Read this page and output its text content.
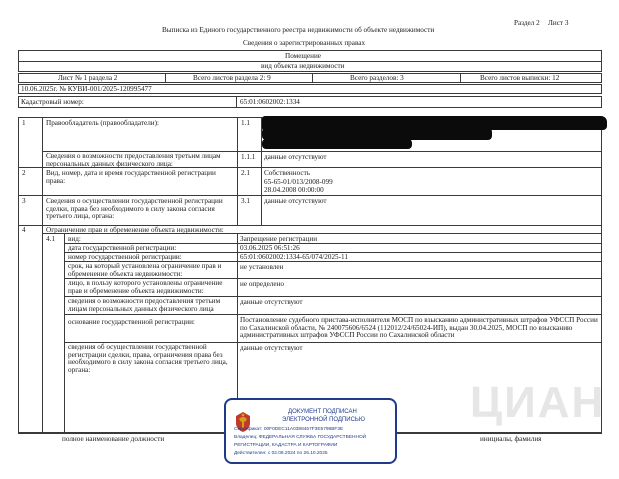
ЦИАН
Раздел 2 Лист 3
Выписка из Единого государственного реестра недвижимости об объекте недвижимости
Сведения о зарегистрированных правах
Помещение
вид объекта недвижимости
Лист № 1 раздела 2	Всего листов раздела 2: 9	Всего разделов: 3	Всего листов выписки: 12
10.06.2025г. № КУВИ-001/2025-120995477
Кадастровый номер:	65:01:0602002:1334
1	Правообладатель (правообладатели):	1.1
Сведения о возможности предоставления третьим лицам персональных данных физического лица:
1.1.1 данные отсутствуют
2	Вид, номер, дата и время государственной регистрации права:
2.1 Собственность
65-65-01/013/2008-099
28.04.2008 00:00:00
3	Сведения о осуществлении государственной регистрации сделки, права без необходимого в силу закона согласия третьего лица, органа:
3.1 данные отсутствуют
4	Ограничение прав и обременение объекта недвижимости:
4.1 вид:	Запрещение регистрации
дата государственной регистрации:	03.06.2025 06:51:26
номер государственной регистрации:	65:01:0602002:1334-65/074/2025-11
срок, на который установлена ограничение прав и обременение объекта недвижимости:
не установлен
лицо, в пользу которого установлены ограничение прав и обременение объекта недвижимости:
не определено
сведения о возможности предоставления третьим лицам персональных данных физического лица
данные отсутствуют
основание государственной регистрации:	Постановление судебного пристава-исполнителя МОСП по взысканию административных штрафов УФССП России по Сахалинской области, № 240075606/6524 (112012/24/65024-ИП), выдан 30.04.2025, МОСП по взысканию административных штрафов УФССП России по Сахалинской области
сведения об осуществлении государственной регистрации сделки, права, ограничения права без необходимого в силу закона согласия третьего лица, органа:
данные отсутствуют
полное наименование должности	инициалы, фамилия
ДОКУМЕНТ ПОДПИСАН
ЭЛЕКТРОННОЙ ПОДПИСЬЮ
Сертификат: 00F0DEC11A0388457F3E5798BF3E
Владелец: ФЕДЕРАЛЬНАЯ СЛУЖБА ГОСУДАРСТВЕННОЙ
РЕГИСТРАЦИИ, КАДАСТРА И КАРТОГРАФИИ
Действителен: с 02.08.2024 по 26.10.2025
